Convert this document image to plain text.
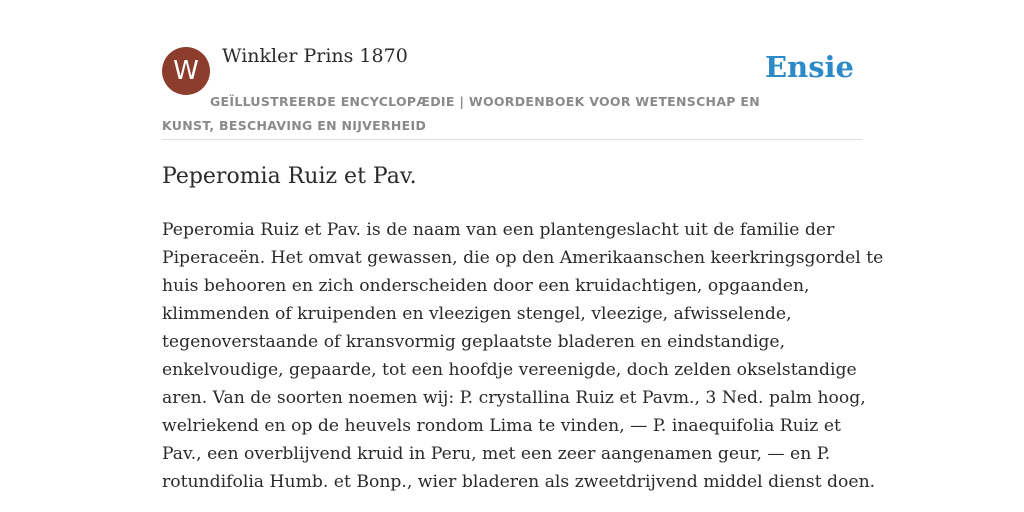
W	Winkler Prins 1870	Ensie
GEÏLLUSTREERDE ENCYCLOPÆDIE | WOORDENBOEK VOOR WETENSCHAP EN KUNST, BESCHAVING EN NIJVERHEID
Peperomia Ruiz et Pav.
Peperomia Ruiz et Pav. is de naam van een plantengeslacht uit de familie der
Piperaceën. Het omvat gewassen, die op den Amerikaanschen keerkringsgordel te
huis behooren en zich onderscheiden door een kruidachtigen, opgaanden,
klimmenden of kruipenden en vleezigen stengel, vleezige, afwisselende,
tegenoverstaande of kransvormig geplaatste bladeren en eindstandige,
enkelvoudige, gepaarde, tot een hoofdje vereenigde, doch zelden okselstandige
aren. Van de soorten noemen wij: P. crystallina Ruiz et Pavm., 3 Ned. palm hoog,
welriekend en op de heuvels rondom Lima te vinden, — P. inaequifolia Ruiz et
Pav., een overblijvend kruid in Peru, met een zeer aangenamen geur, — en P.
rotundifolia Humb. et Bonp., wier bladeren als zweetdrijvend middel dienst doen.
